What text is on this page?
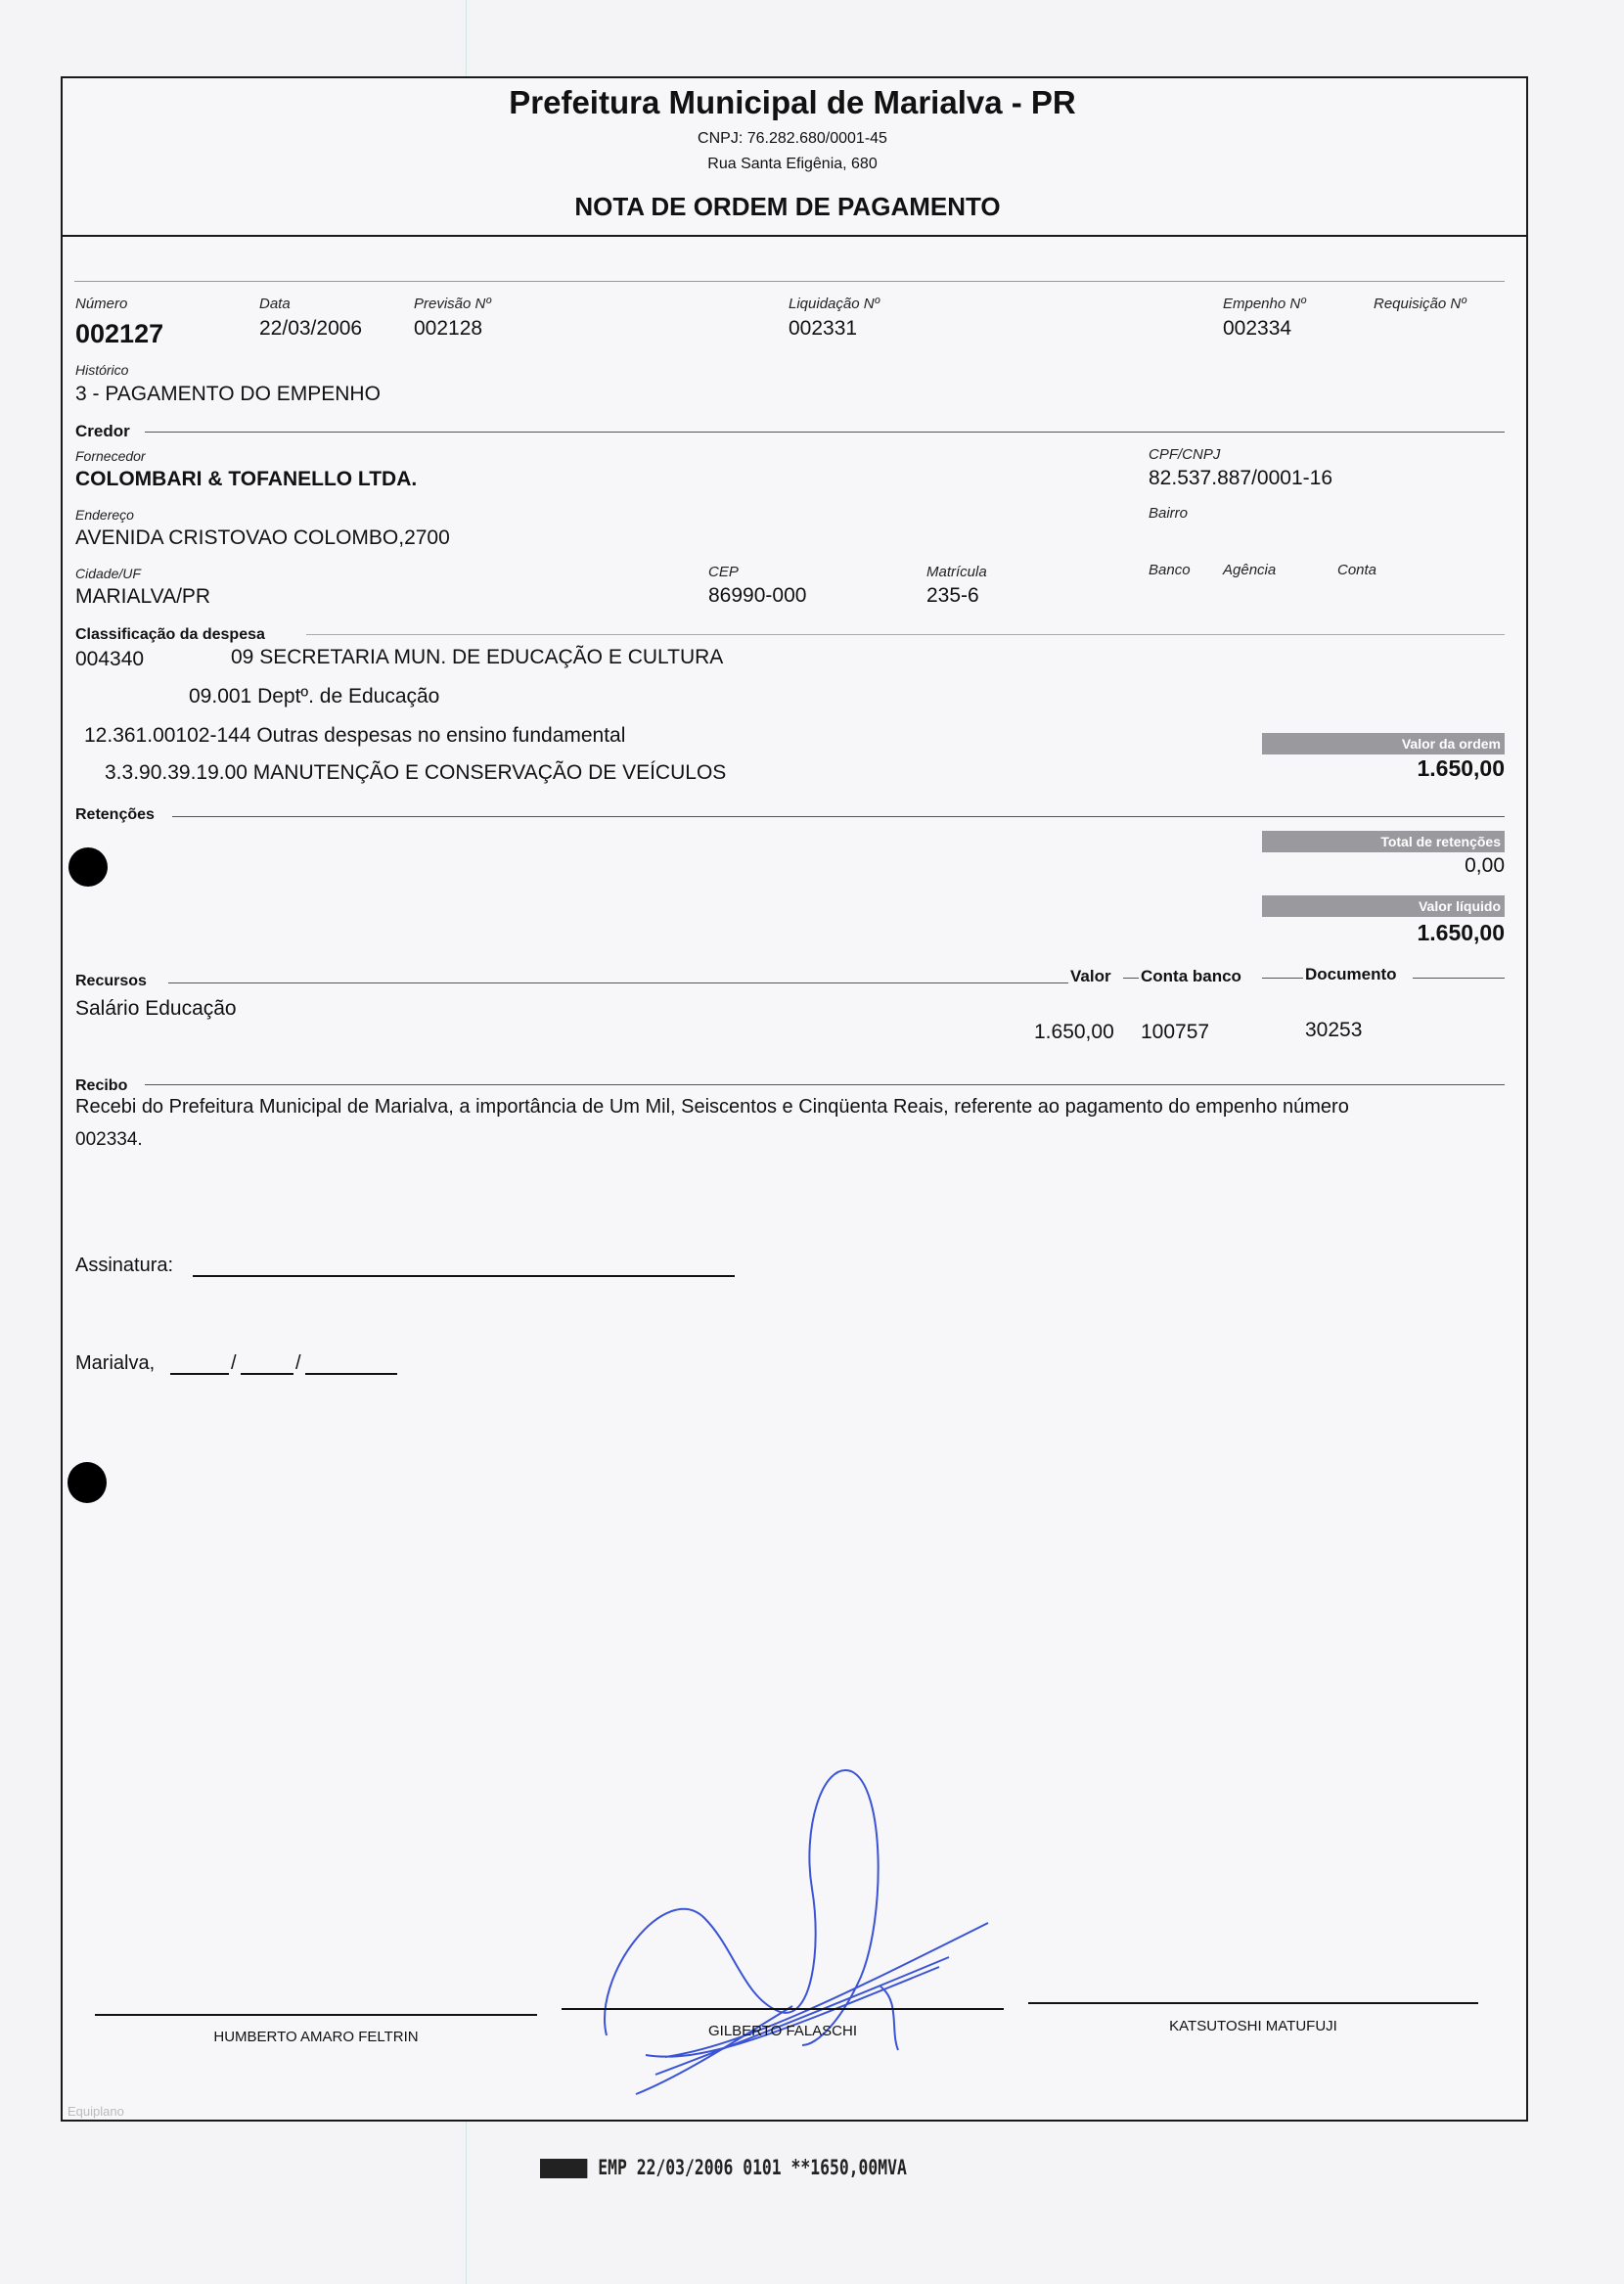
Prefeitura Municipal de Marialva - PR
CNPJ: 76.282.680/0001-45
Rua Santa Efigênia, 680
NOTA DE ORDEM DE PAGAMENTO
Número
002127
Data
22/03/2006
Previsão Nº
002128
Liquidação Nº
002331
Empenho Nº
002334
Requisição Nº
Histórico
3 - PAGAMENTO DO EMPENHO
Credor
Fornecedor
COLOMBARI & TOFANELLO LTDA.
CPF/CNPJ
82.537.887/0001-16
Endereço
AVENIDA CRISTOVAO COLOMBO,2700
Bairro
Cidade/UF
MARIALVA/PR
CEP
86990-000
Matrícula
235-6
Banco Agência	Conta
Classificação da despesa
004340	09 SECRETARIA MUN. DE EDUCAÇÃO E CULTURA
09.001 Deptº. de Educação
12.361.00102-144 Outras despesas no ensino fundamental
3.3.90.39.19.00 MANUTENÇÃO E CONSERVAÇÃO DE VEÍCULOS
Valor da ordem
1.650,00
Retenções
Total de retenções
0,00
Valor líquido
1.650,00
Recursos	Valor Conta banco	Documento
Salário Educação
1.650,00 100757	30253
Recibo
Recebi do Prefeitura Municipal de Marialva, a importância de Um Mil, Seiscentos e Cinqüenta Reais, referente ao pagamento do empenho número
002334.
Assinatura:
Marialva,	/	/
HUMBERTO AMARO FELTRIN	GILBERTO FALASCHI	KATSUTOSHI MATUFUJI
Equiplano
EMP 22/03/2006 0101 **1650,00MVA
